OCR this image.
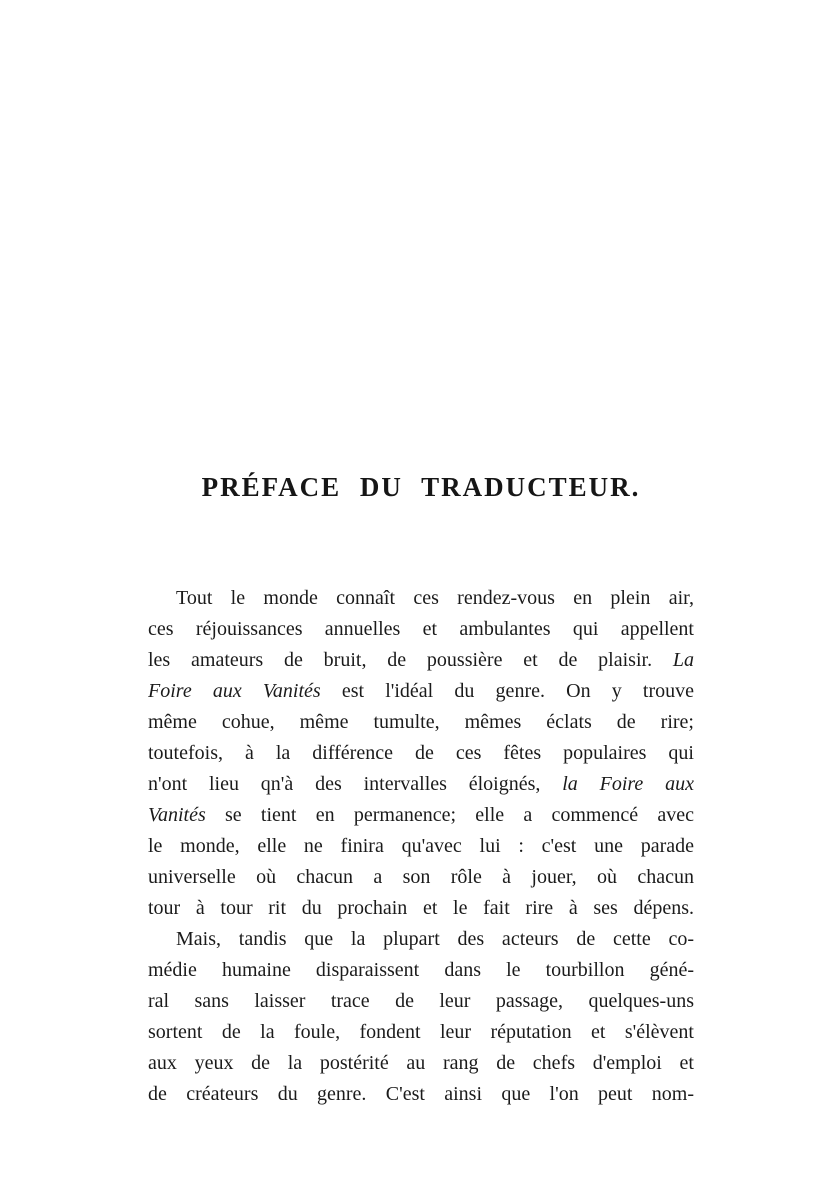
PRÉFACE DU TRADUCTEUR.
Tout le monde connaît ces rendez-vous en plein air,
ces réjouissances annuelles et ambulantes qui appellent
les amateurs de bruit, de poussière et de plaisir. La
Foire aux Vanités est l'idéal du genre. On y trouve
même cohue, même tumulte, mêmes éclats de rire;
toutefois, à la différence de ces fêtes populaires qui
n'ont lieu qn'à des intervalles éloignés, la Foire aux
Vanités se tient en permanence; elle a commencé avec
le monde, elle ne finira qu'avec lui : c'est une parade
universelle où chacun a son rôle à jouer, où chacun
tour à tour rit du prochain et le fait rire à ses dépens.
Mais, tandis que la plupart des acteurs de cette co-
médie humaine disparaissent dans le tourbillon géné-
ral sans laisser trace de leur passage, quelques-uns
sortent de la foule, fondent leur réputation et s'élèvent
aux yeux de la postérité au rang de chefs d'emploi et
de créateurs du genre. C'est ainsi que l'on peut nom-
